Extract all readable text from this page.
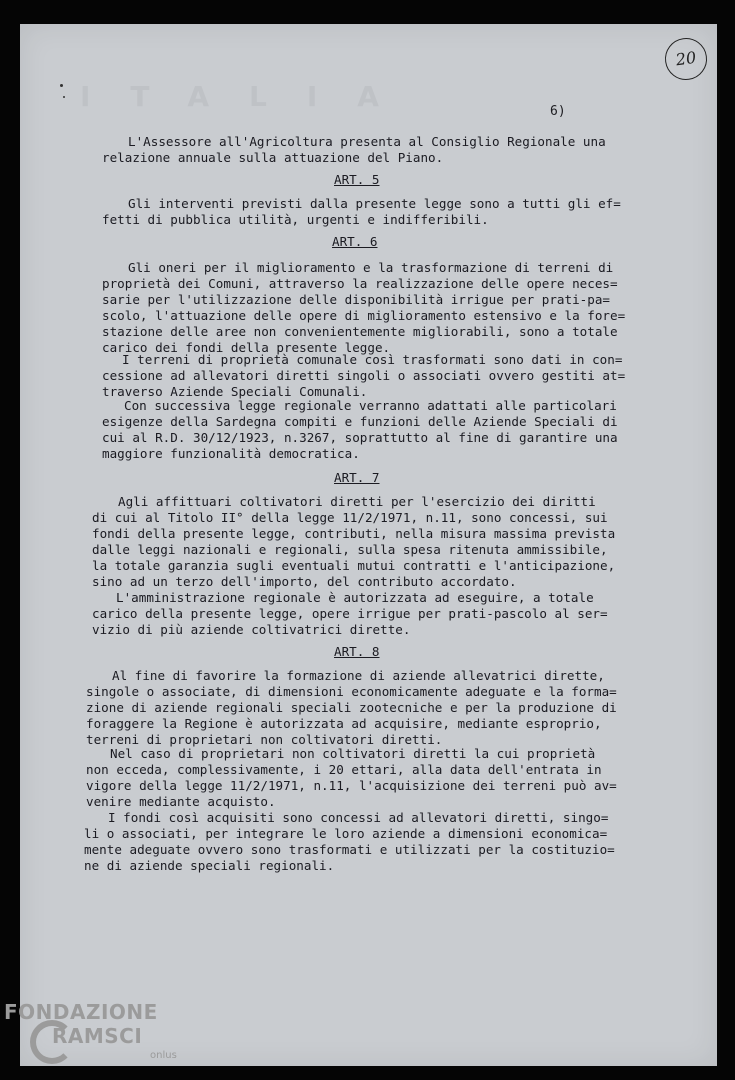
ITALIA
20
6)
L'Assessore all'Agricoltura presenta al Consiglio Regionale una
relazione annuale sulla attuazione del Piano.
ART. 5
Gli interventi previsti dalla presente legge sono a tutti gli ef=
fetti di pubblica utilità, urgenti e indifferibili.
ART. 6
Gli oneri per il miglioramento e la trasformazione di terreni di
proprietà dei Comuni, attraverso la realizzazione delle opere neces=
sarie per l'utilizzazione delle disponibilità irrigue per prati-pa=
scolo, l'attuazione delle opere di miglioramento estensivo e la fore=
stazione delle aree non convenientemente migliorabili, sono a totale
carico dei fondi della presente legge.
I terreni di proprietà comunale così trasformati sono dati in con=
cessione ad allevatori diretti singoli o associati ovvero gestiti at=
traverso Aziende Speciali Comunali.
Con successiva legge regionale verranno adattati alle particolari
esigenze della Sardegna compiti e funzioni delle Aziende Speciali di
cui al R.D. 30/12/1923, n.3267, soprattutto al fine di garantire una
maggiore funzionalità democratica.
ART. 7
Agli affittuari coltivatori diretti per l'esercizio dei diritti
di cui al Titolo II° della legge 11/2/1971, n.11, sono concessi, sui
fondi della presente legge, contributi, nella misura massima prevista
dalle leggi nazionali e regionali, sulla spesa ritenuta ammissibile,
la totale garanzia sugli eventuali mutui contratti e l'anticipazione,
sino ad un terzo dell'importo, del contributo accordato.
L'amministrazione regionale è autorizzata ad eseguire, a totale
carico della presente legge, opere irrigue per prati-pascolo al ser=
vizio di più aziende coltivatrici dirette.
ART. 8
Al fine di favorire la formazione di aziende allevatrici dirette,
singole o associate, di dimensioni economicamente adeguate e la forma=
zione di aziende regionali speciali zootecniche e per la produzione di
foraggere la Regione è autorizzata ad acquisire, mediante esproprio,
terreni di proprietari non coltivatori diretti.
Nel caso di proprietari non coltivatori diretti la cui proprietà
non ecceda, complessivamente, i 20 ettari, alla data dell'entrata in
vigore della legge 11/2/1971, n.11, l'acquisizione dei terreni può av=
venire mediante acquisto.
I fondi così acquisiti sono concessi ad allevatori diretti, singo=
li o associati, per integrare le loro aziende a dimensioni economica=
mente adeguate ovvero sono trasformati e utilizzati per la costituzio=
ne di aziende speciali regionali.
FONDAZIONE
RAMSCI
onlus
